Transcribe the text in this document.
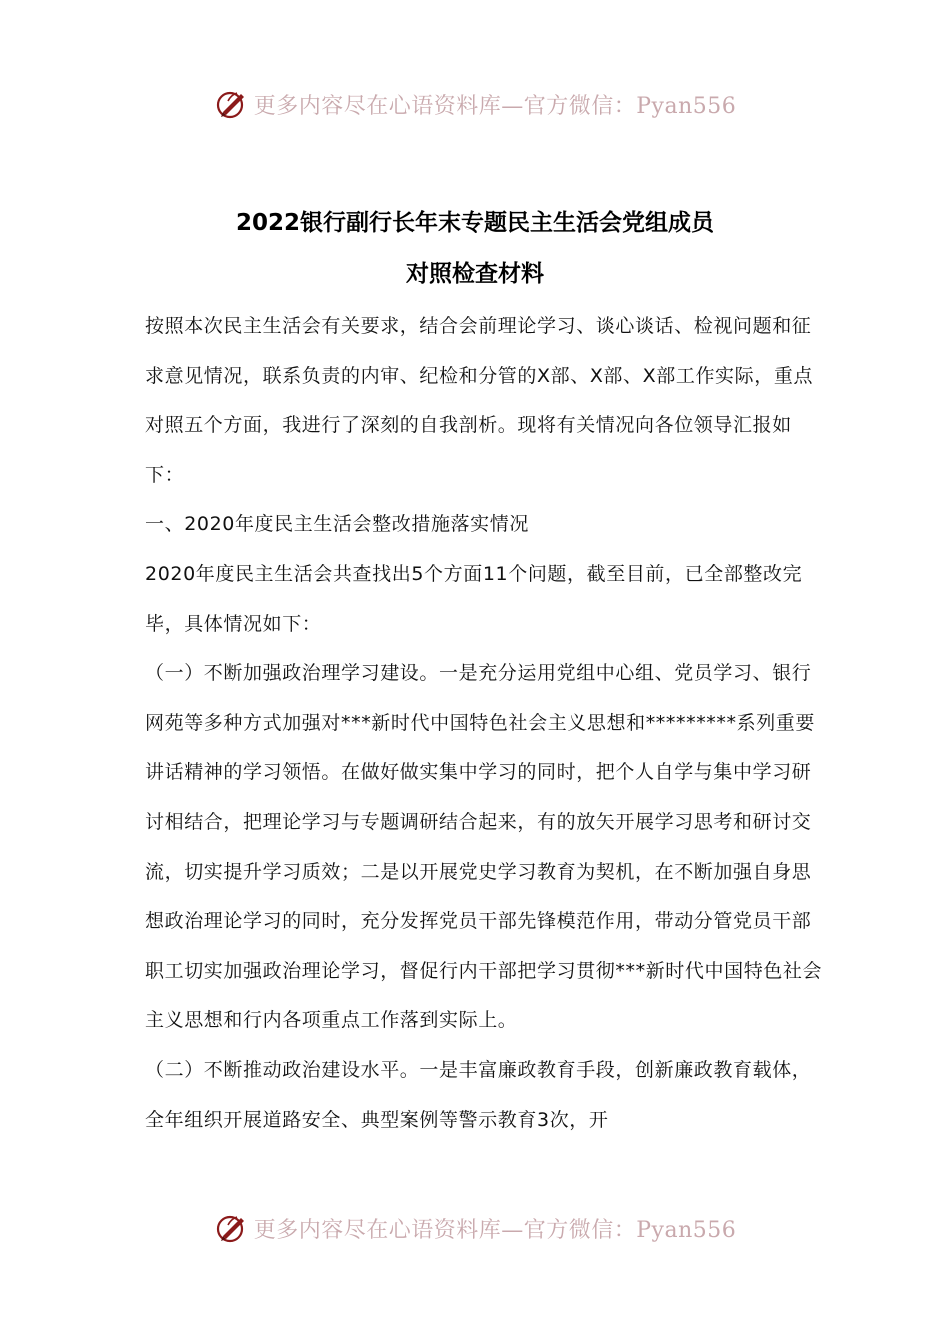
更多内容尽在心语资料库—官方微信：Pyan556
2022银行副行长年末专题民主生活会党组成员
对照检查材料

按照本次民主生活会有关要求，结合会前理论学习、谈心谈话、检视问题和征求意见情况，联系负责的内审、纪检和分管的X部、X部、X部工作实际，重点对照五个方面，我进行了深刻的自我剖析。现将有关情况向各位领导汇报如下：

一、2020年度民主生活会整改措施落实情况

2020年度民主生活会共查找出5个方面11个问题，截至目前，已全部整改完毕，具体情况如下：

（一）不断加强政治理学习建设。一是充分运用党组中心组、党员学习、银行网苑等多种方式加强对***新时代中国特色社会主义思想和*********系列重要讲话精神的学习领悟。在做好做实集中学习的同时，把个人自学与集中学习研讨相结合，把理论学习与专题调研结合起来，有的放矢开展学习思考和研讨交流，切实提升学习质效；二是以开展党史学习教育为契机，在不断加强自身思想政治理论学习的同时，充分发挥党员干部先锋模范作用，带动分管党员干部职工切实加强政治理论学习，督促行内干部把学习贯彻***新时代中国特色社会主义思想和行内各项重点工作落到实际上。

（二）不断推动政治建设水平。一是丰富廉政教育手段，创新廉政教育载体，全年组织开展道路安全、典型案例等警示教育3次，开

更多内容尽在心语资料库—官方微信：Pyan556
